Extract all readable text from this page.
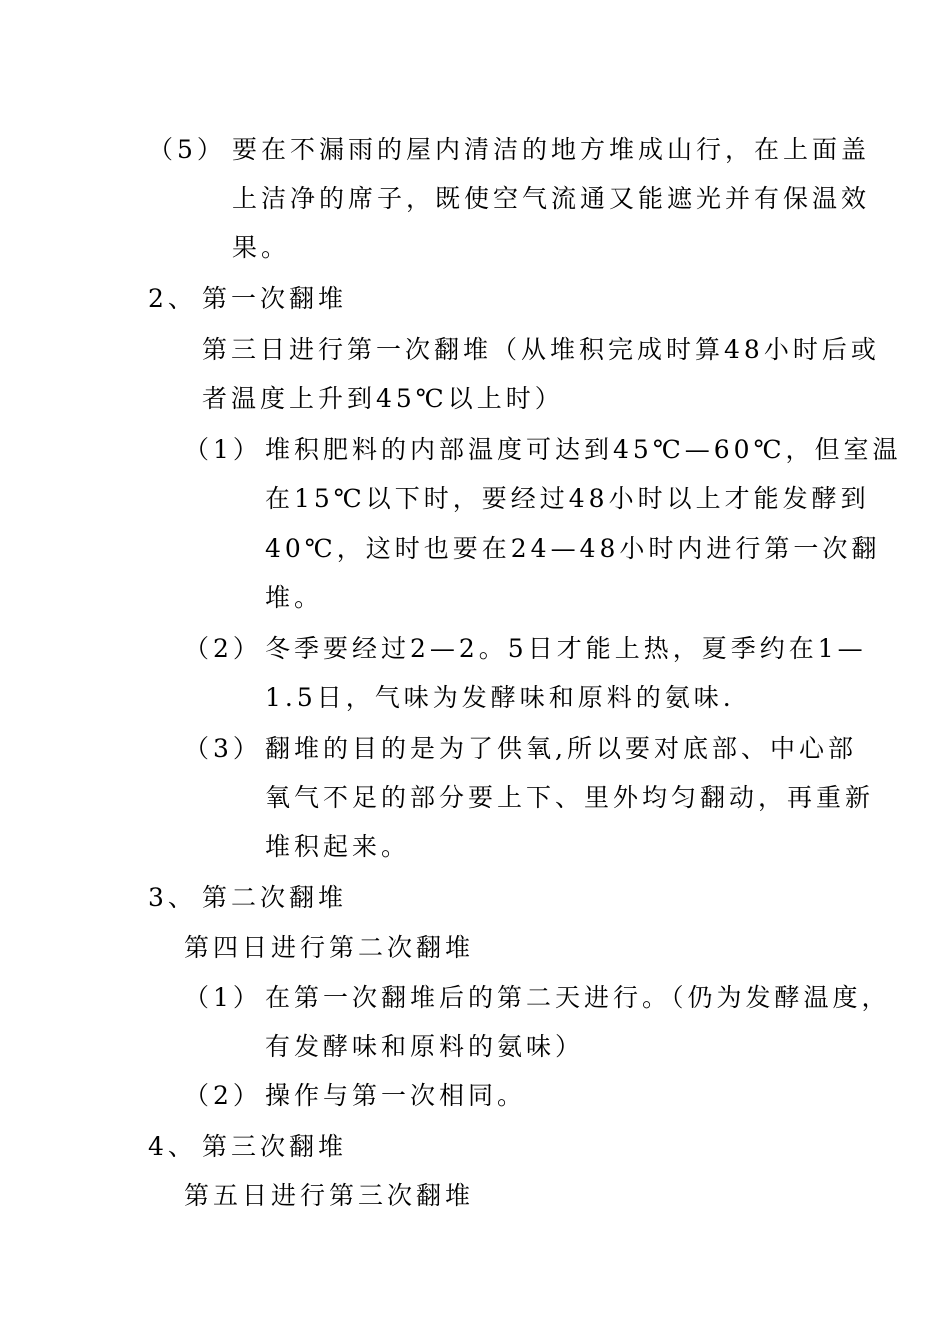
（5） 要在不漏雨的屋内清洁的地方堆成山行，在上面盖
上洁净的席子，既使空气流通又能遮光并有保温效
果。
2、 第一次翻堆
第三日进行第一次翻堆（从堆积完成时算48小时后或
者温度上升到45℃以上时）
（1） 堆积肥料的内部温度可达到45℃—60℃，但室温
在15℃以下时，要经过48小时以上才能发酵到
40℃，这时也要在24—48小时内进行第一次翻
堆。
（2） 冬季要经过2—2。5日才能上热，夏季约在1—
1.5日，气味为发酵味和原料的氨味.
（3） 翻堆的目的是为了供氧,所以要对底部、中心部
氧气不足的部分要上下、里外均匀翻动，再重新
堆积起来。
3、 第二次翻堆
第四日进行第二次翻堆
（1） 在第一次翻堆后的第二天进行。（仍为发酵温度，
有发酵味和原料的氨味）
（2） 操作与第一次相同。
4、 第三次翻堆
第五日进行第三次翻堆
